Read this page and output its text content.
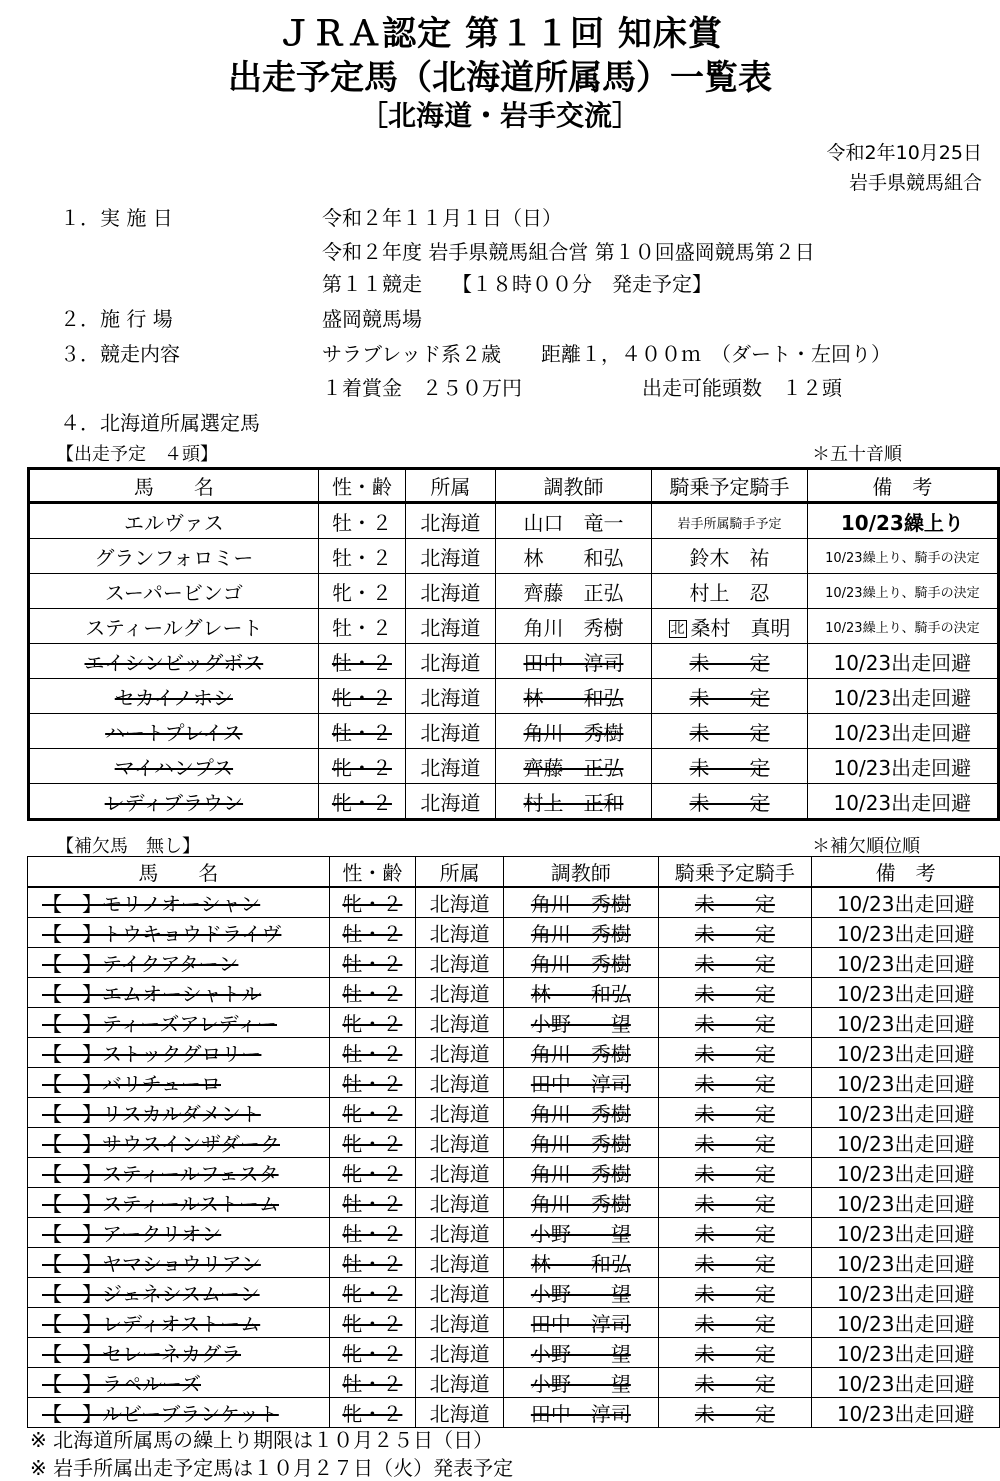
ＪＲＡ認定 第１１回 知床賞
出走予定馬（北海道所属馬）一覧表
［北海道・岩手交流］
令和2年10月25日
岩手県競馬組合
１．実 施 日	令和２年１１月１日（日）
令和２年度 岩手県競馬組合営 第１０回盛岡競馬第２日
第１１競走　　【１８時００分　発走予定】
２．施 行 場	盛岡競馬場
３．競走内容	サラブレッド系２歳　　距離１，４００ｍ　（ダート・左回り）
１着賞金　２５０万円　　　　　　出走可能頭数　１２頭
４．北海道所属選定馬
【出走予定　４頭】	＊五十音順
馬　　名	性・齢	所属	調教師	騎乗予定騎手	備　考
エルヴァス	牡・２	北海道	山口　竜一	岩手所属騎手予定	10/23繰上り
グランフォロミー	牡・２	北海道	林　　和弘	鈴木　祐	10/23繰上り、騎手の決定
スーパービンゴ	牝・２	北海道	齊藤　正弘	村上　忍	10/23繰上り、騎手の決定
スティールグレート	牡・２	北海道	角川　秀樹	北 桑村　真明	10/23繰上り、騎手の決定
エイシンビッグボス	牡・２	北海道	田中　淳司	未　　定	10/23出走回避
セカイノホシ	牝・２	北海道	林　　和弘	未　　定	10/23出走回避
ハートプレイス	牡・２	北海道	角川　秀樹	未　　定	10/23出走回避
マイハンプス	牝・２	北海道	齊藤　正弘	未　　定	10/23出走回避
レディブラウン	牝・２	北海道	村上　正和	未　　定	10/23出走回避
【補欠馬　無し】	＊補欠順位順
馬　　名	性・齢	所属	調教師	騎乗予定騎手	備　考
【　】モリノオーシャン	牝・２	北海道	角川　秀樹	未　　定	10/23出走回避
【　】トウキョウドライヴ	牡・２	北海道	角川　秀樹	未　　定	10/23出走回避
【　】テイクアターン	牡・２	北海道	角川　秀樹	未　　定	10/23出走回避
【　】エムオーシャトル	牡・２	北海道	林　　和弘	未　　定	10/23出走回避
【　】ティーズアレディー	牝・２	北海道	小野　　望	未　　定	10/23出走回避
【　】ストックグロリー	牡・２	北海道	角川　秀樹	未　　定	10/23出走回避
【　】バリチューロ	牡・２	北海道	田中　淳司	未　　定	10/23出走回避
【　】リスカルダメント	牝・２	北海道	角川　秀樹	未　　定	10/23出走回避
【　】サウスインザダーク	牝・２	北海道	角川　秀樹	未　　定	10/23出走回避
【　】スティールフェスタ	牝・２	北海道	角川　秀樹	未　　定	10/23出走回避
【　】スティールストーム	牡・２	北海道	角川　秀樹	未　　定	10/23出走回避
【　】アークリオン	牡・２	北海道	小野　　望	未　　定	10/23出走回避
【　】ヤマショウリアン	牡・２	北海道	林　　和弘	未　　定	10/23出走回避
【　】ジェネシスムーン	牝・２	北海道	小野　　望	未　　定	10/23出走回避
【　】レディオストーム	牝・２	北海道	田中　淳司	未　　定	10/23出走回避
【　】セレーネカグラ	牝・２	北海道	小野　　望	未　　定	10/23出走回避
【　】ラペルーズ	牡・２	北海道	小野　　望	未　　定	10/23出走回避
【　】ルビーブランケット	牝・２	北海道	田中　淳司	未　　定	10/23出走回避
※ 北海道所属馬の繰上り期限は１０月２５日（日）
※ 岩手所属出走予定馬は１０月２７日（火）発表予定
